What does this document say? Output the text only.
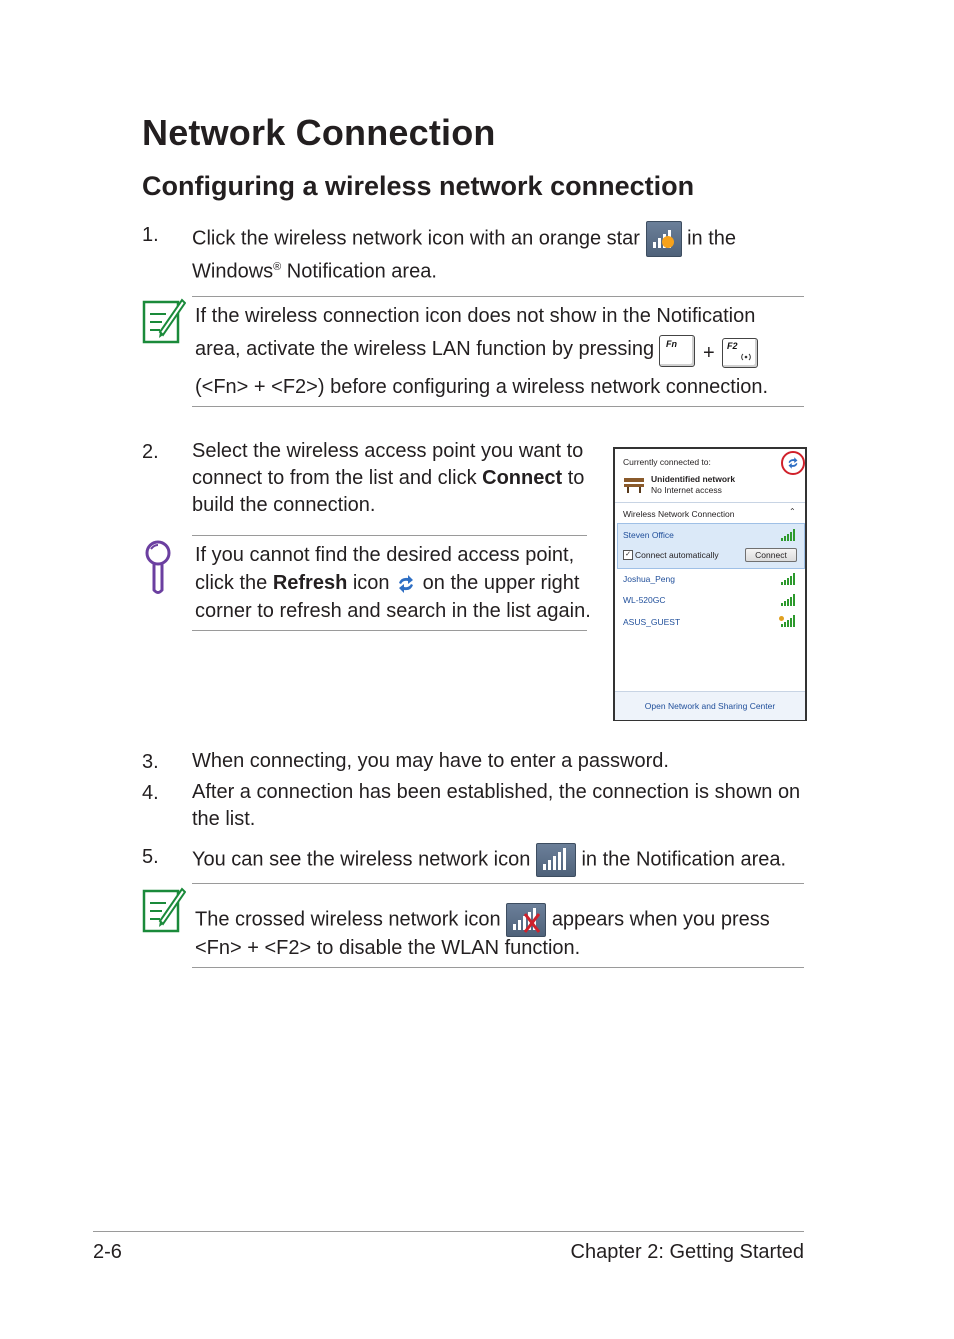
Network Connection
Configuring a wireless network connection
1. Click the wireless network icon with an orange star in the
Windows® Notification area.
If the wireless connection icon does not show in the Notification
area, activate the wireless LAN function by pressing Fn + F2
(<Fn> + <F2>) before configuring a wireless network connection.
2. Select the wireless access point you want to
connect to from the list and click Connect to
build the connection.
If you cannot find the desired access point,
click the Refresh icon on the upper right
corner to refresh and search in the list again.
Currently connected to:
Unidentified network
No Internet access
Wireless Network Connection	⌃
Steven Office
✓ Connect automatically	Connect
Joshua_Peng
WL-520GC
ASUS_GUEST
Open Network and Sharing Center
3. When connecting, you may have to enter a password.
4. After a connection has been established, the connection is shown on
the list.
5. You can see the wireless network icon	in the Notification area.
The crossed wireless network icon	appears when you press
<Fn> + <F2> to disable the WLAN function.
2-6	Chapter 2: Getting Started
